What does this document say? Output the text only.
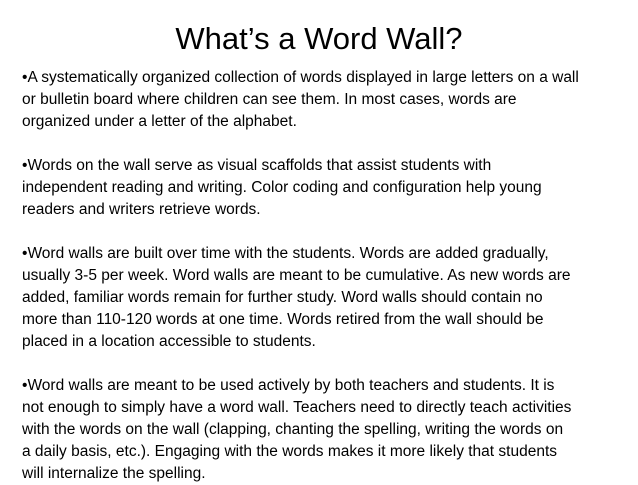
What’s a Word Wall?
•A systematically organized collection of words displayed in large letters on a wall
or bulletin board where children can see them. In most cases, words are
organized under a letter of the alphabet.
•Words on the wall serve as visual scaffolds that assist students with
independent reading and writing. Color coding and configuration help young
readers and writers retrieve words.
•Word walls are built over time with the students. Words are added gradually,
usually 3-5 per week. Word walls are meant to be cumulative. As new words are
added, familiar words remain for further study. Word walls should contain no
more than 110-120 words at one time. Words retired from the wall should be
placed in a location accessible to students.
•Word walls are meant to be used actively by both teachers and students. It is
not enough to simply have a word wall. Teachers need to directly teach activities
with the words on the wall (clapping, chanting the spelling, writing the words on
a daily basis, etc.). Engaging with the words makes it more likely that students
will internalize the spelling.
